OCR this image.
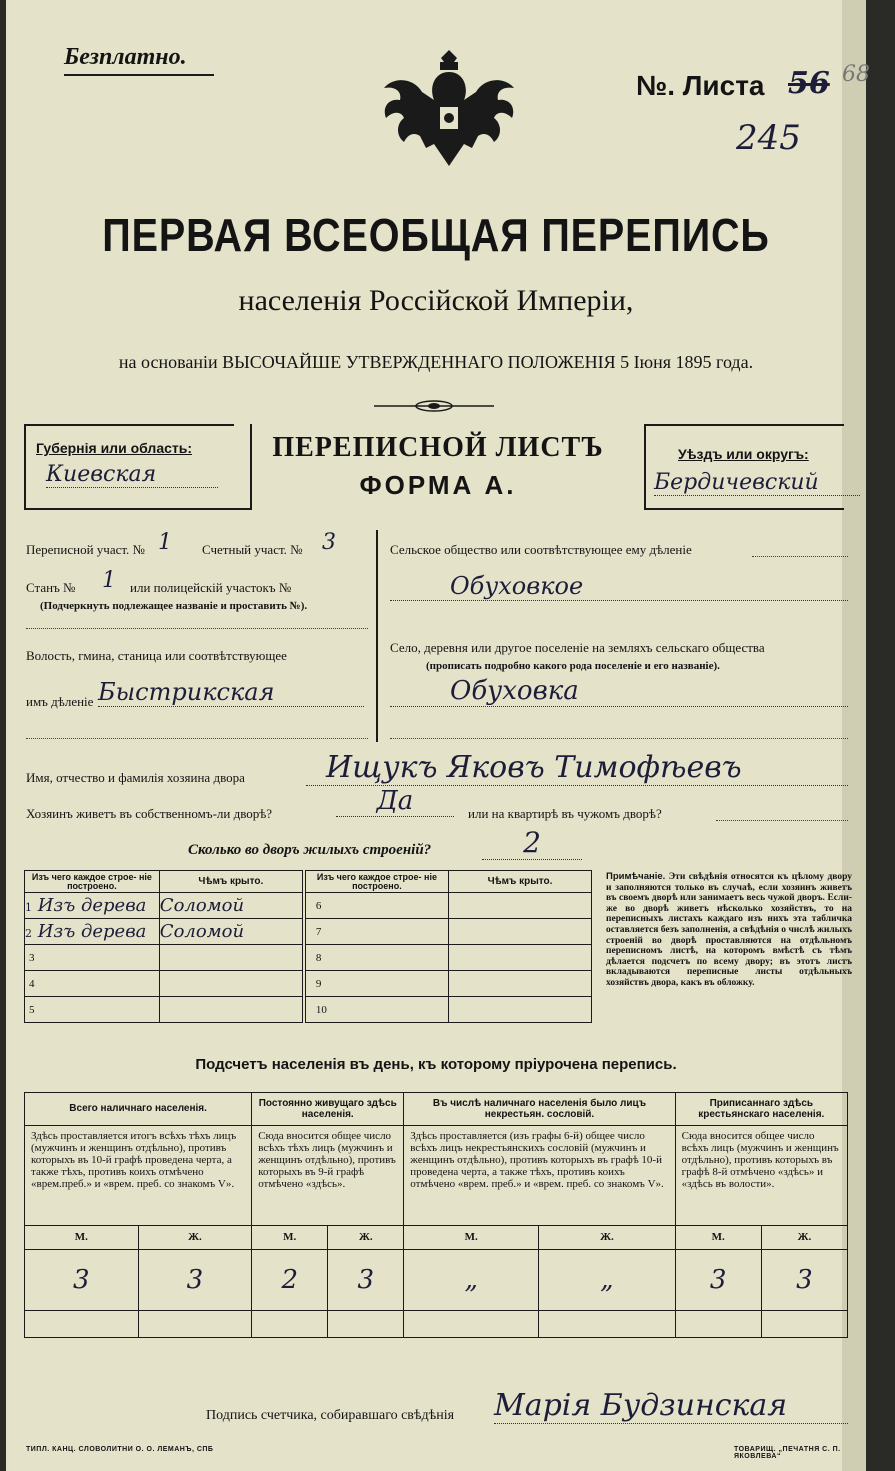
Безплатно.
№. Листа 56 68
245
ПЕРВАЯ ВСЕОБЩАЯ ПЕРЕПИСЬ
населенія Россійской Имперіи,
на основаніи ВЫСОЧАЙШЕ УТВЕРЖДЕННАГО ПОЛОЖЕНІЯ 5 Іюня 1895 года.
Губернія или область:
Киевская
ПЕРЕПИСНОЙ ЛИСТЪ
ФОРМА А.
Уѣздъ или округъ:
Бердичевский
Переписной участ. № 1 Счетный участ. № 3
Станъ № 1 или полицейскій участокъ №
(Подчеркнуть подлежащее названіе и проставить №).
Волость, гмина, станица или соотвѣтствующее
имъ дѣленіе Быстрикская
Сельское общество или соотвѣтствующее ему дѣленіе
Обуховкое
Село, деревня или другое поселеніе на земляхъ сельскаго общества
(прописать подробно какого рода поселеніе и его названіе).
Обуховка
Имя, отчество и фамилія хозяина двора	Ищукъ Яковъ Тимофѣевъ
Хозяинъ живетъ въ собственномъ-ли дворѣ?	Да	или на квартирѣ въ чужомъ дворѣ?
Сколько во дворъ жилыхъ строеній?	2
Изъ чего каждое строе- ніе построено.	Чѣмъ крыто.	Изъ чего каждое строе- ніе построено.	Чѣмъ крыто.
1 Изъ дерева	Соломой	6	
2 Изъ дерева	Соломой	7	
3		8	
4		9	
5		10	
Примѣчаніе. Эти свѣдѣнія относятся къ цѣлому двору и заполняются только въ случаѣ, если хозяинъ живетъ въ своемъ дворѣ или занимаетъ весь чужой дворъ. Если-же во дворѣ живетъ нѣсколько хозяйствъ, то на переписныхъ листахъ каждаго изъ нихъ эта табличка оставляется безъ заполненія, а свѣдѣнія о числѣ жилыхъ строеній во дворѣ проставляются на отдѣльномъ переписномъ листѣ, на которомъ вмѣстѣ съ тѣмъ дѣлается подсчетъ по всему двору; въ этотъ листъ вкладываются переписные листы отдѣльныхъ хозяйствъ двора, какъ въ обложку.
Подсчетъ населенія въ день, къ которому пріурочена перепись.
Всего наличнаго населенія.		Постоянно живущаго здѣсь населенія.		Въ числѣ наличнаго населенія было лицъ некрестьян. сословій.		Приписаннаго здѣсь крестьянскаго населенія.	
Здѣсь проставляется итогъ всѣхъ тѣхъ лицъ (мужчинъ и женщинъ отдѣльно), противъ которыхъ въ 10-й графѣ проведена черта, а также тѣхъ, противъ коихъ отмѣчено «врем.преб.» и «врем. преб. со знакомъ V».		Сюда вносится общее число всѣхъ тѣхъ лицъ (мужчинъ и женщинъ отдѣльно), противъ которыхъ въ 9-й графѣ отмѣчено «здѣсь».		Здѣсь проставляется (изъ графы 6-й) общее число всѣхъ лицъ некрестьянскихъ сословій (мужчинъ и женщинъ отдѣльно), противъ которыхъ въ графѣ 10-й проведена черта, а также тѣхъ, противъ коихъ отмѣчено «врем. преб.» и «врем. преб. со знакомъ V».		Сюда вносится общее число всѣхъ лицъ (мужчинъ и женщинъ отдѣльно), противъ которыхъ въ графѣ 8-й отмѣчено «здѣсь» и «здѣсь въ волости».	
М.	Ж.	М.	Ж.	М.	Ж.	М.	Ж.
3	3	2	3	„	„	3	3

Подпись счетчика, собиравшаго свѣдѣнія Марія Будзинская
ТИПЛ. КАНЦ. СЛОВОЛИТНИ О. О. ЛЕМАНЪ, СПБ	ТОВАРИЩ. „ПЕЧАТНЯ С. П. ЯКОВЛЕВА“
